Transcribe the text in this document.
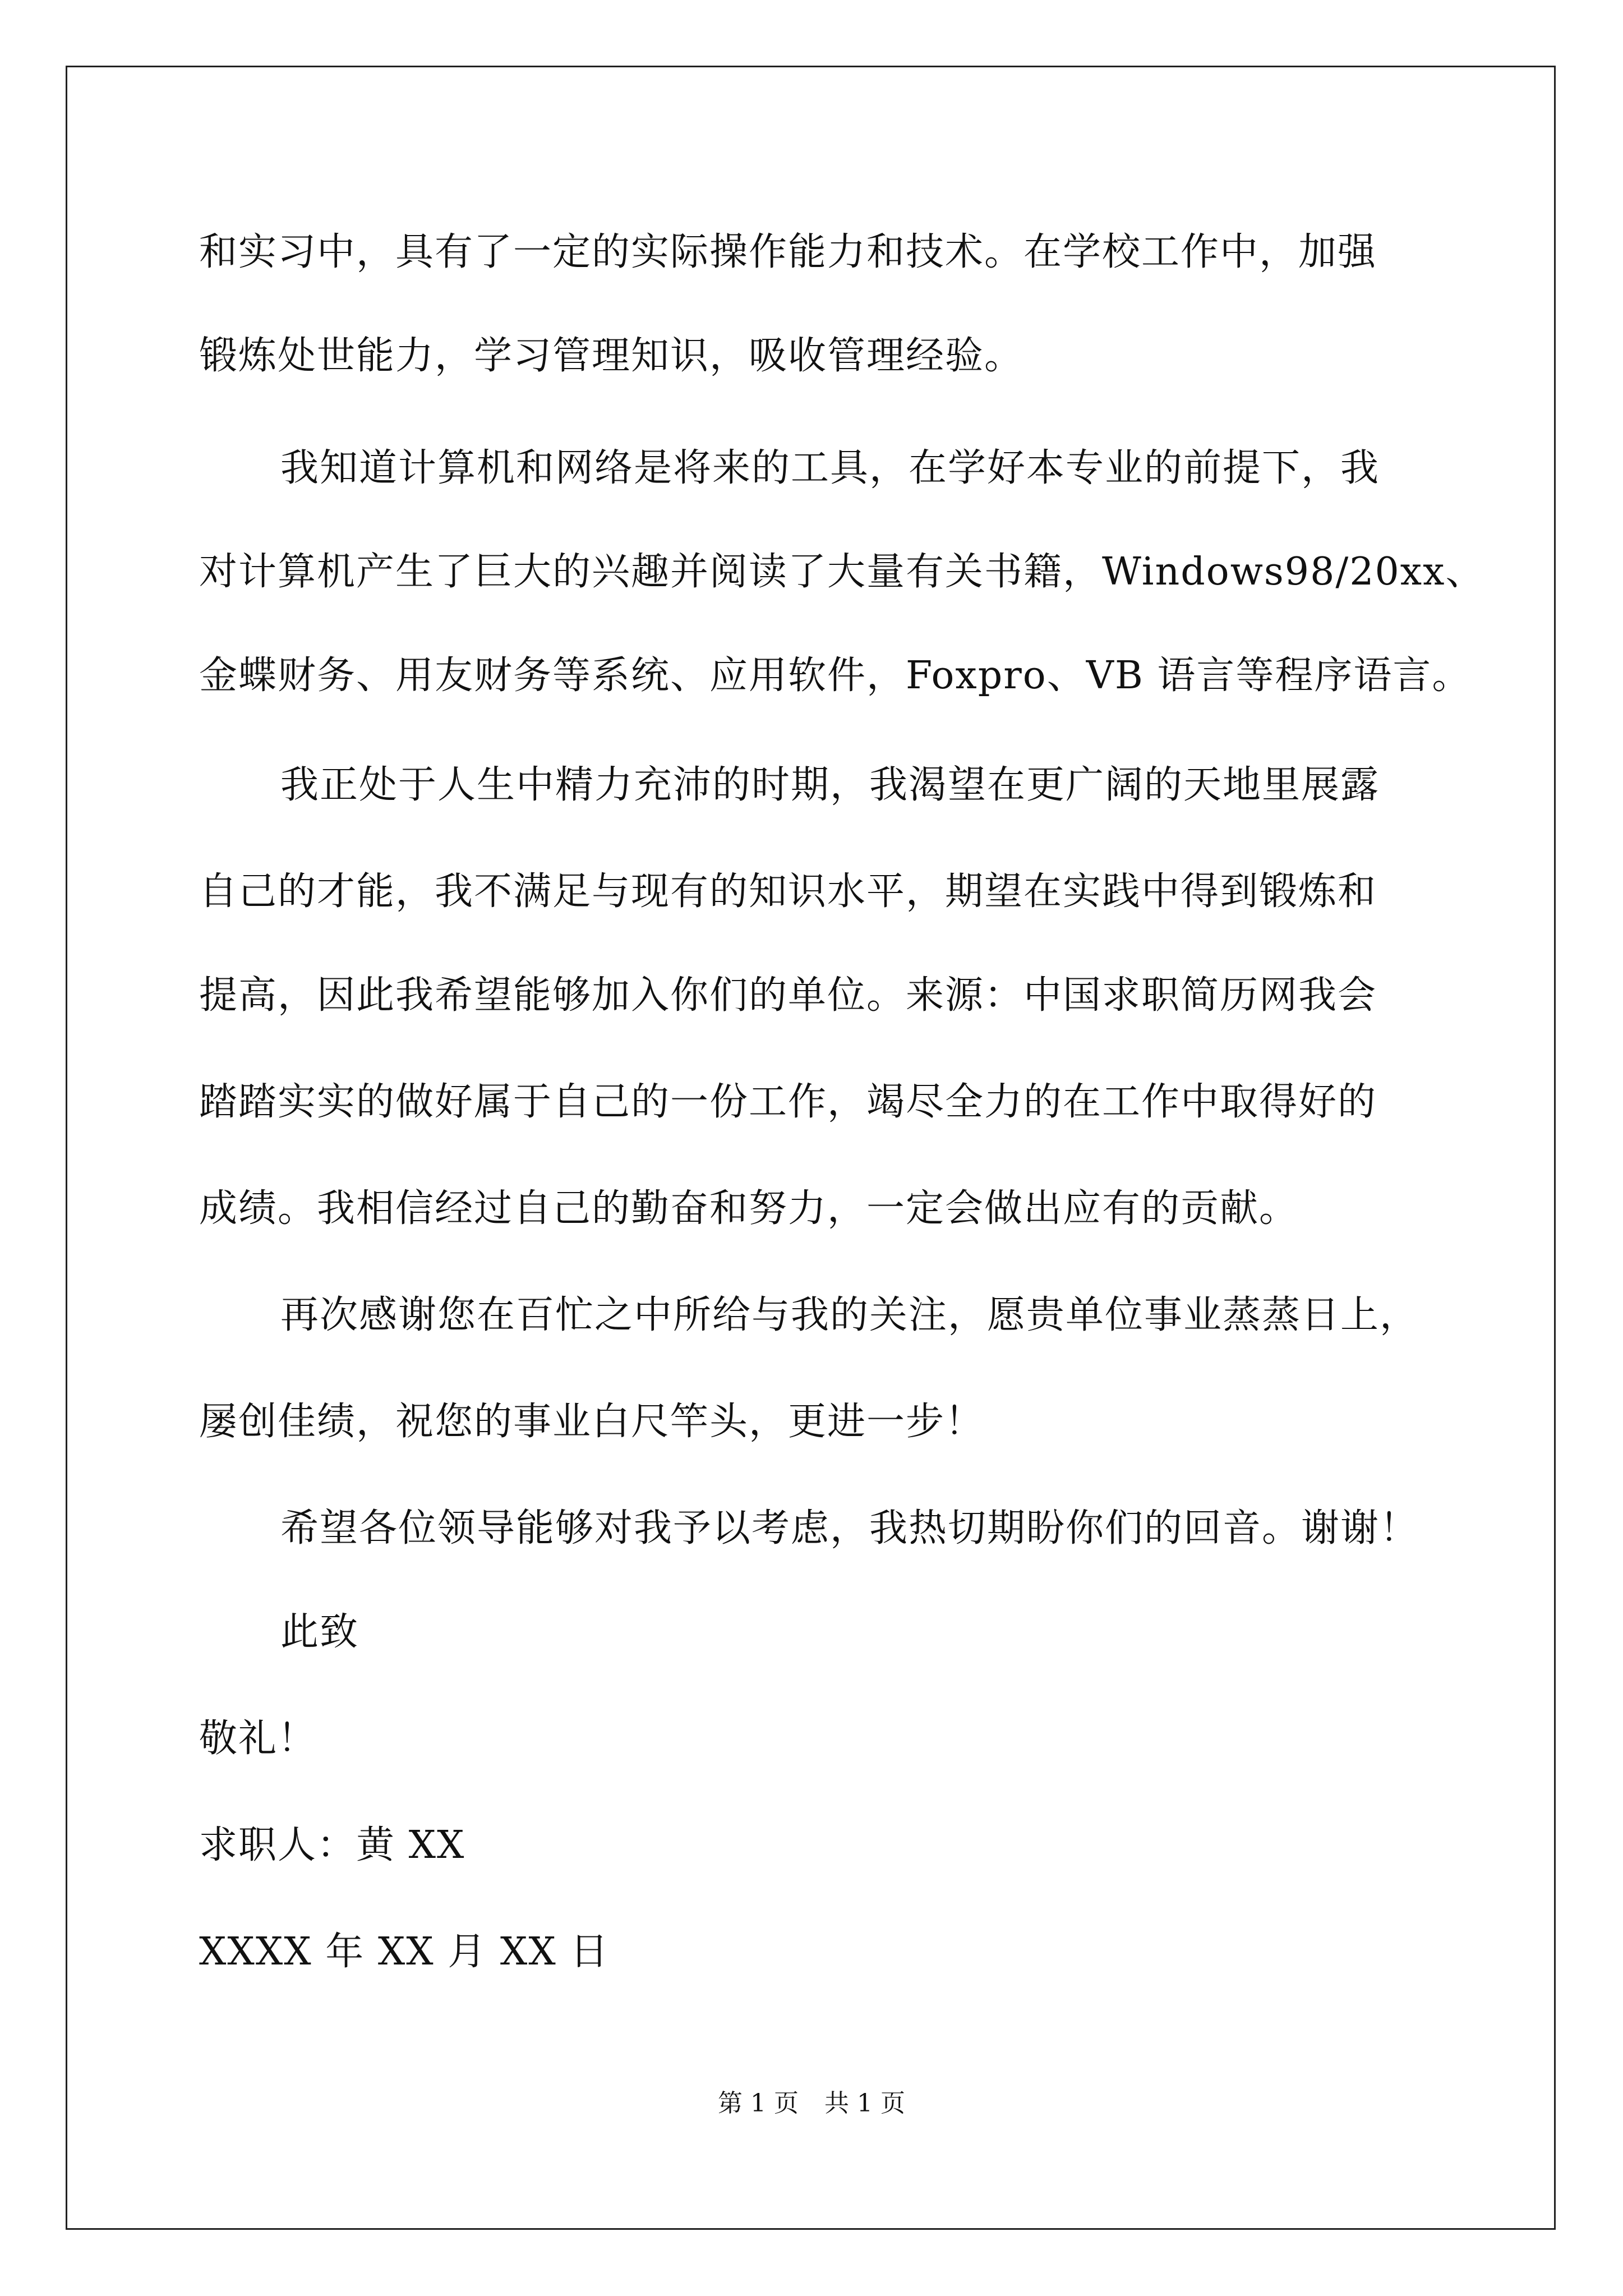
和实习中，具有了一定的实际操作能力和技术。在学校工作中，加强
锻炼处世能力，学习管理知识，吸收管理经验。
我知道计算机和网络是将来的工具，在学好本专业的前提下，我
对计算机产生了巨大的兴趣并阅读了大量有关书籍，Windows98/20xx、
金蝶财务、用友财务等系统、应用软件，Foxpro、VB 语言等程序语言。
我正处于人生中精力充沛的时期，我渴望在更广阔的天地里展露
自己的才能，我不满足与现有的知识水平，期望在实践中得到锻炼和
提高，因此我希望能够加入你们的单位。来源：中国求职简历网我会
踏踏实实的做好属于自己的一份工作，竭尽全力的在工作中取得好的
成绩。我相信经过自己的勤奋和努力，一定会做出应有的贡献。
再次感谢您在百忙之中所给与我的关注，愿贵单位事业蒸蒸日上，
屡创佳绩，祝您的事业白尺竿头，更进一步！
希望各位领导能够对我予以考虑，我热切期盼你们的回音。谢谢！
此致
敬礼！
求职人：黄 XX
XXXX 年 XX 月 XX 日
第 1 页 共 1 页
